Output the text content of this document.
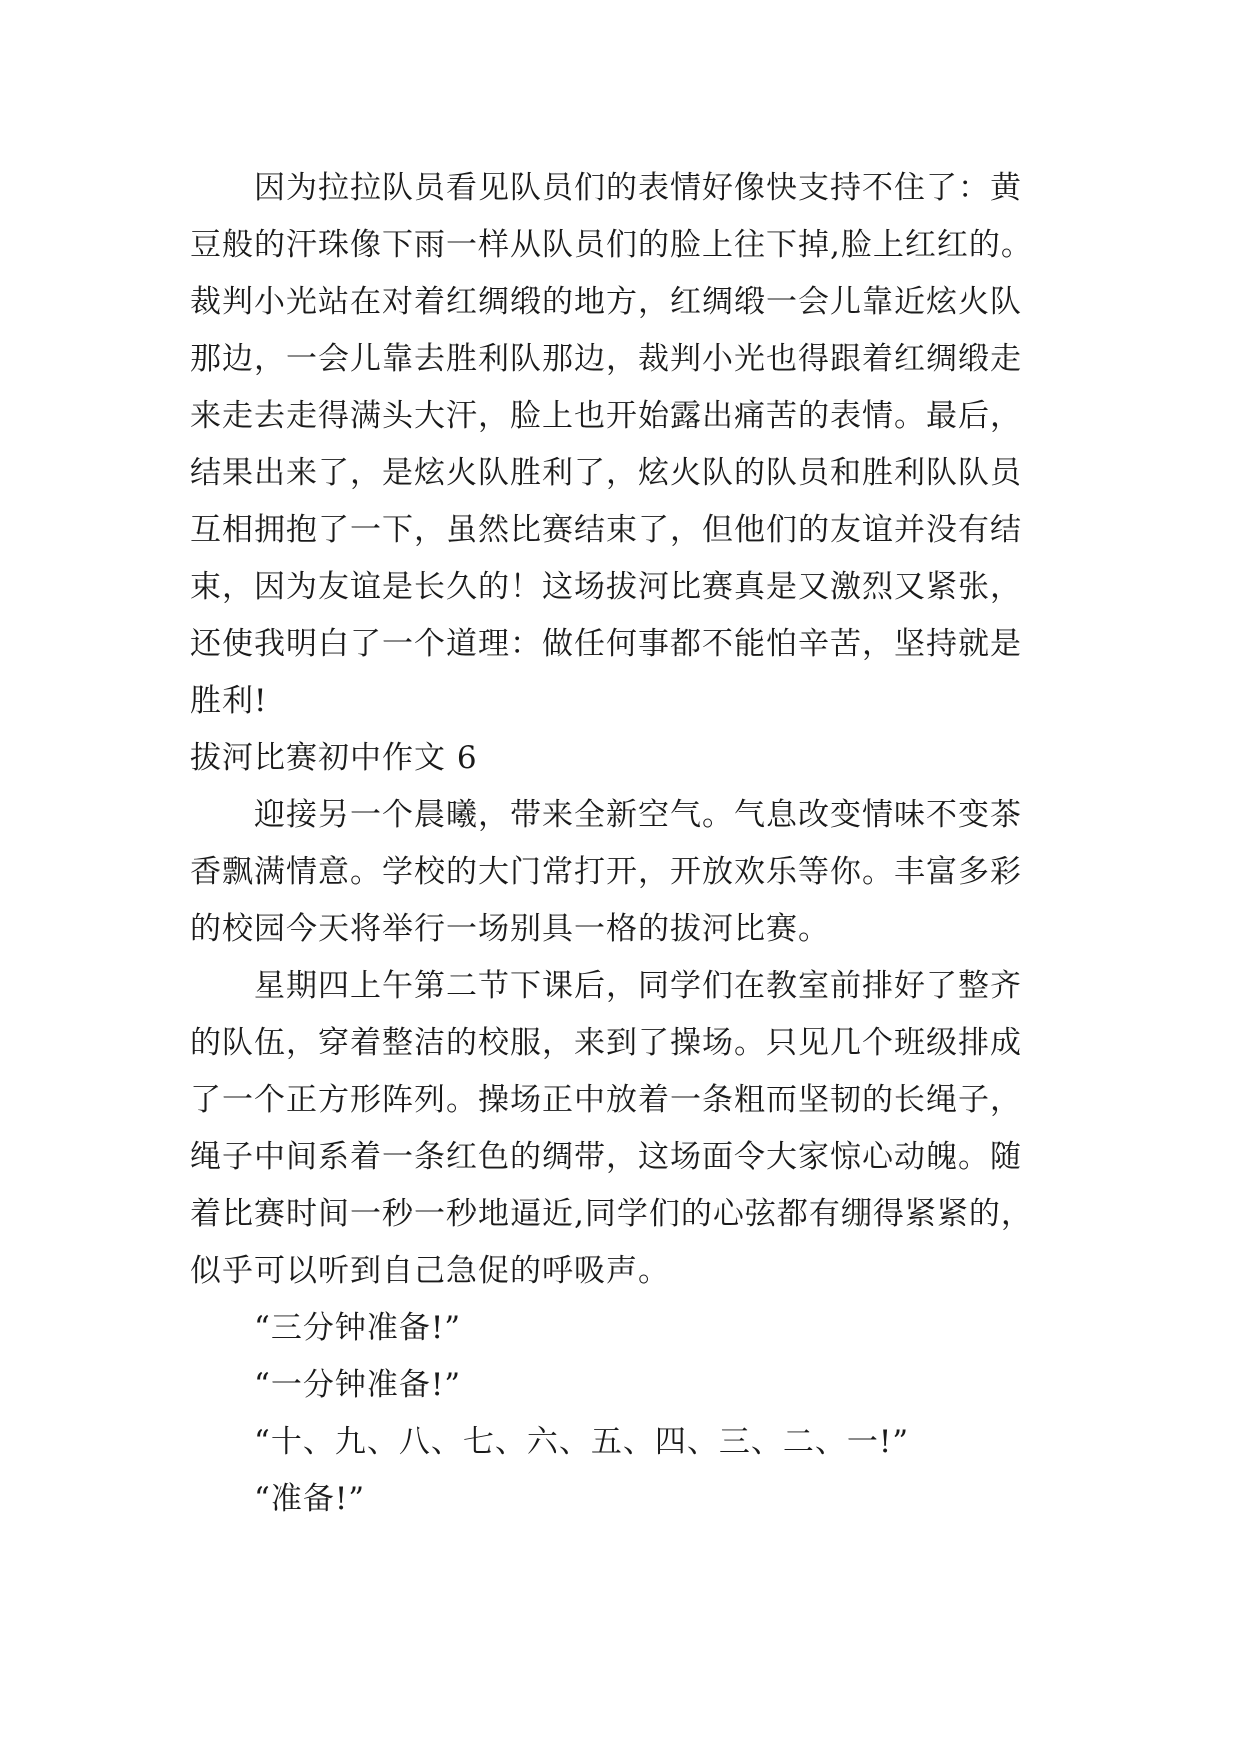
因为拉拉队员看见队员们的表情好像快支持不住了：黄
豆般的汗珠像下雨一样从队员们的脸上往下掉,脸上红红的。
裁判小光站在对着红绸缎的地方，红绸缎一会儿靠近炫火队
那边，一会儿靠去胜利队那边，裁判小光也得跟着红绸缎走
来走去走得满头大汗，脸上也开始露出痛苦的表情。最后，
结果出来了，是炫火队胜利了，炫火队的队员和胜利队队员
互相拥抱了一下，虽然比赛结束了，但他们的友谊并没有结
束，因为友谊是长久的！这场拔河比赛真是又激烈又紧张，
还使我明白了一个道理：做任何事都不能怕辛苦，坚持就是
胜利!
拔河比赛初中作文 6
迎接另一个晨曦，带来全新空气。气息改变情味不变茶
香飘满情意。学校的大门常打开，开放欢乐等你。丰富多彩
的校园今天将举行一场别具一格的拔河比赛。
星期四上午第二节下课后，同学们在教室前排好了整齐
的队伍，穿着整洁的校服，来到了操场。只见几个班级排成
了一个正方形阵列。操场正中放着一条粗而坚韧的长绳子，
绳子中间系着一条红色的绸带，这场面令大家惊心动魄。随
着比赛时间一秒一秒地逼近,同学们的心弦都有绷得紧紧的，
似乎可以听到自己急促的呼吸声。
“三分钟准备!”
“一分钟准备!”
“十、九、八、七、六、五、四、三、二、一!”
“准备!”
